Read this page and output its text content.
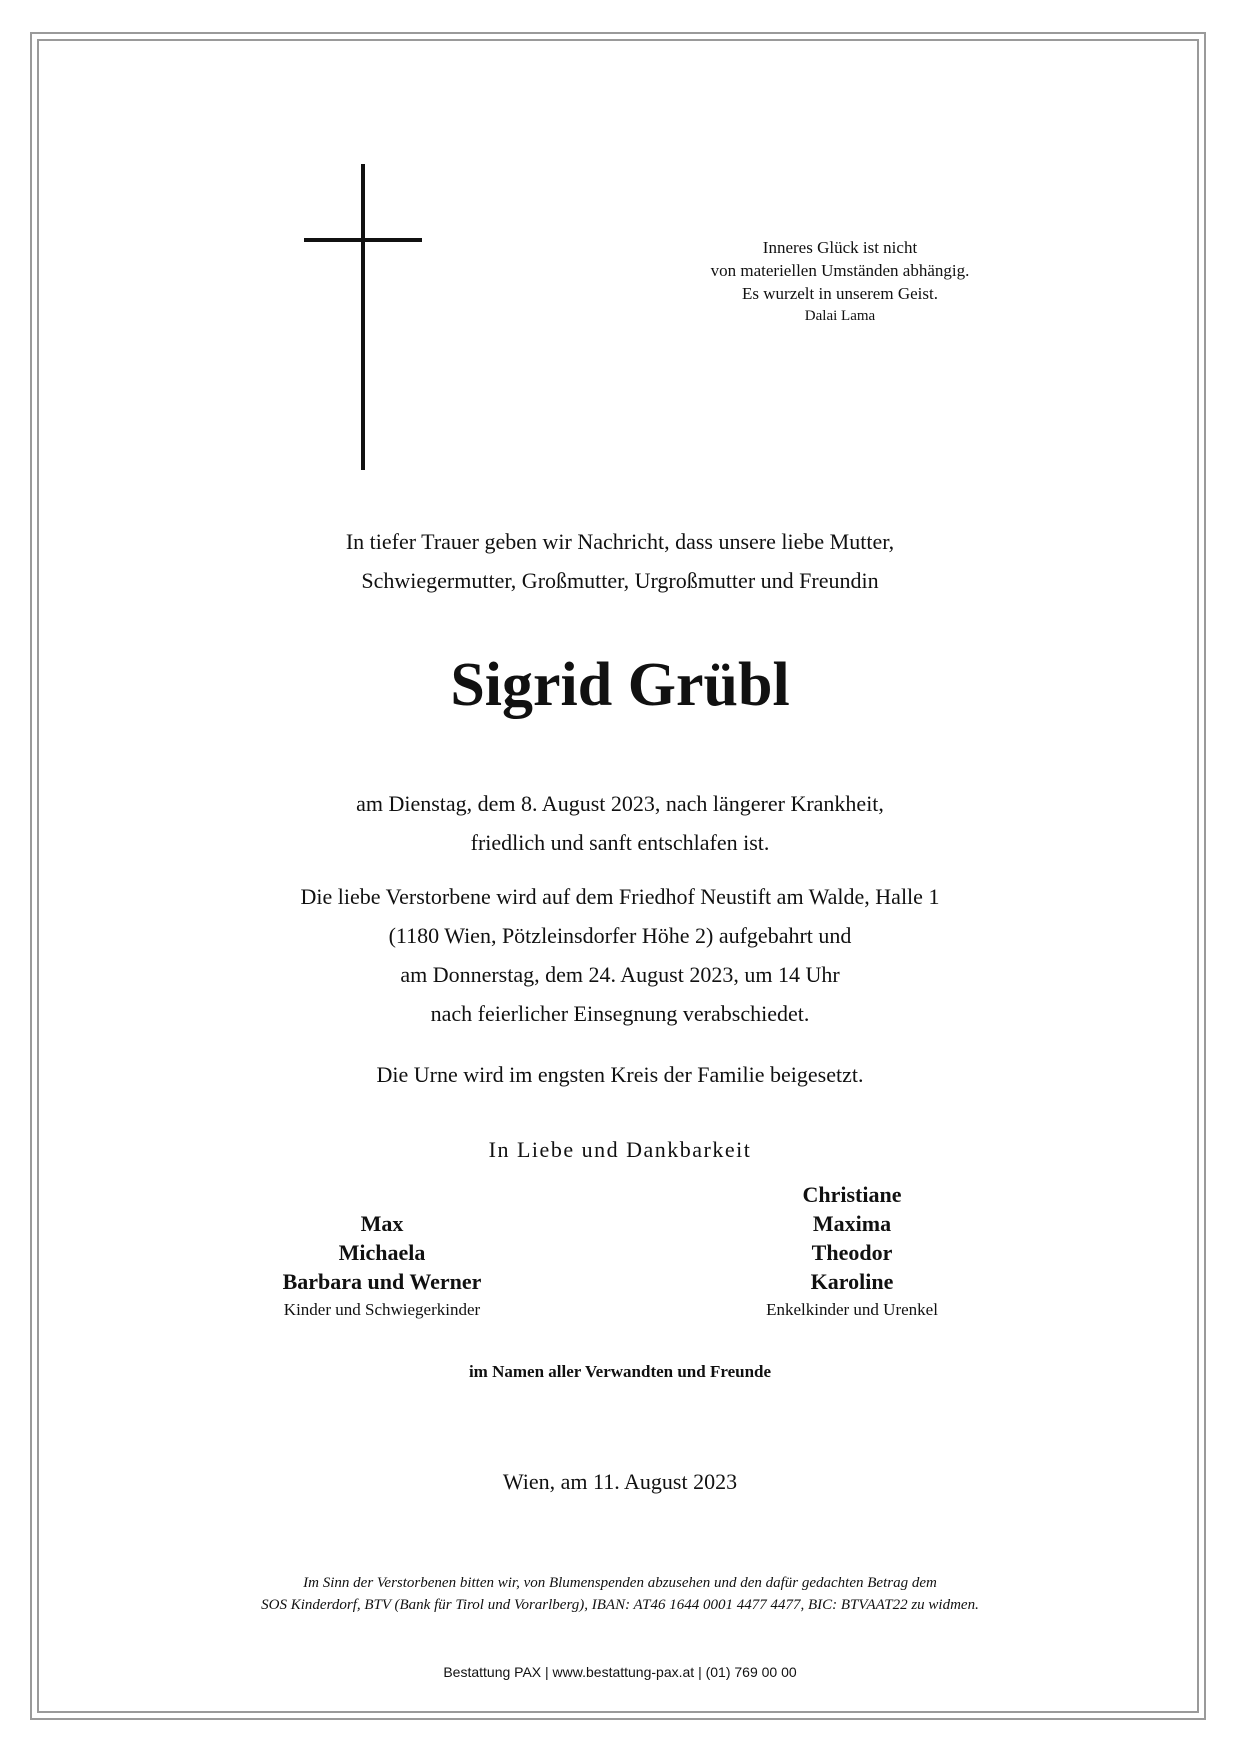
Inneres Glück ist nicht
von materiellen Umständen abhängig.
Es wurzelt in unserem Geist.
Dalai Lama
In tiefer Trauer geben wir Nachricht, dass unsere liebe Mutter,
Schwiegermutter, Großmutter, Urgroßmutter und Freundin
Sigrid Grübl
am Dienstag, dem 8. August 2023, nach längerer Krankheit,
friedlich und sanft entschlafen ist.
Die liebe Verstorbene wird auf dem Friedhof Neustift am Walde, Halle 1
(1180 Wien, Pötzleinsdorfer Höhe 2) aufgebahrt und
am Donnerstag, dem 24. August 2023, um 14 Uhr
nach feierlicher Einsegnung verabschiedet.
Die Urne wird im engsten Kreis der Familie beigesetzt.
In Liebe und Dankbarkeit
Max
Michaela
Barbara und Werner
Kinder und Schwiegerkinder
Christiane
Maxima
Theodor
Karoline
Enkelkinder und Urenkel
im Namen aller Verwandten und Freunde
Wien, am 11. August 2023
Im Sinn der Verstorbenen bitten wir, von Blumenspenden abzusehen und den dafür gedachten Betrag dem
SOS Kinderdorf, BTV (Bank für Tirol und Vorarlberg), IBAN: AT46 1644 0001 4477 4477, BIC: BTVAAT22 zu widmen.
Bestattung PAX | www.bestattung-pax.at | (01) 769 00 00
